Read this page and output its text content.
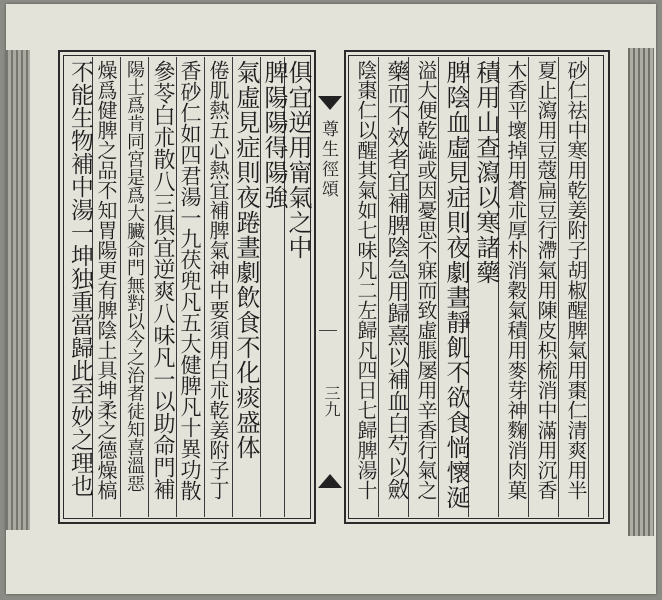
尊生徑頌
三九	砂仁祛中寒用乾姜附子胡椒醒脾氣用棗仁清爽用半
夏止瀉用豆蔻扁豆行滯氣用陳皮枳梳消中滿用沉香
木香平壞掉用蒼朮厚朴消穀氣積用麥芽神麴消肉菓
積用山查瀉以寒諸藥
脾陰血虛見症則夜劇晝靜飢不欲食惝懷涎
溢大便乾澁或因憂思不寐而致虛脹屡用辛香行氣之
藥而不效者宜補脾陰急用歸熹以補血白芍以斂
陰棗仁以醒其氣如七味凡二左歸凡四日七歸脾湯十
俱宜逆用甯氣之中
脾陽陽得陽強
氣虛見症則夜踡晝劇飲食不化痰盛体
倦肌熱五心熱宜補脾氣神中要須用白朮乾姜附子丁
香砂仁如四君湯一九茯兜凡五大健脾凡十異功散
參苓白朮散八三俱宜逆爽八味凡一以助命門補
陽土爲肯同宮是爲大臟命門無對以今之治者徒知喜溫惡
燥爲健脾之品不知胃陽更有脾陰土具坤柔之德燥槁
不能生物補中湯一坤独重當歸此至妙之理也
